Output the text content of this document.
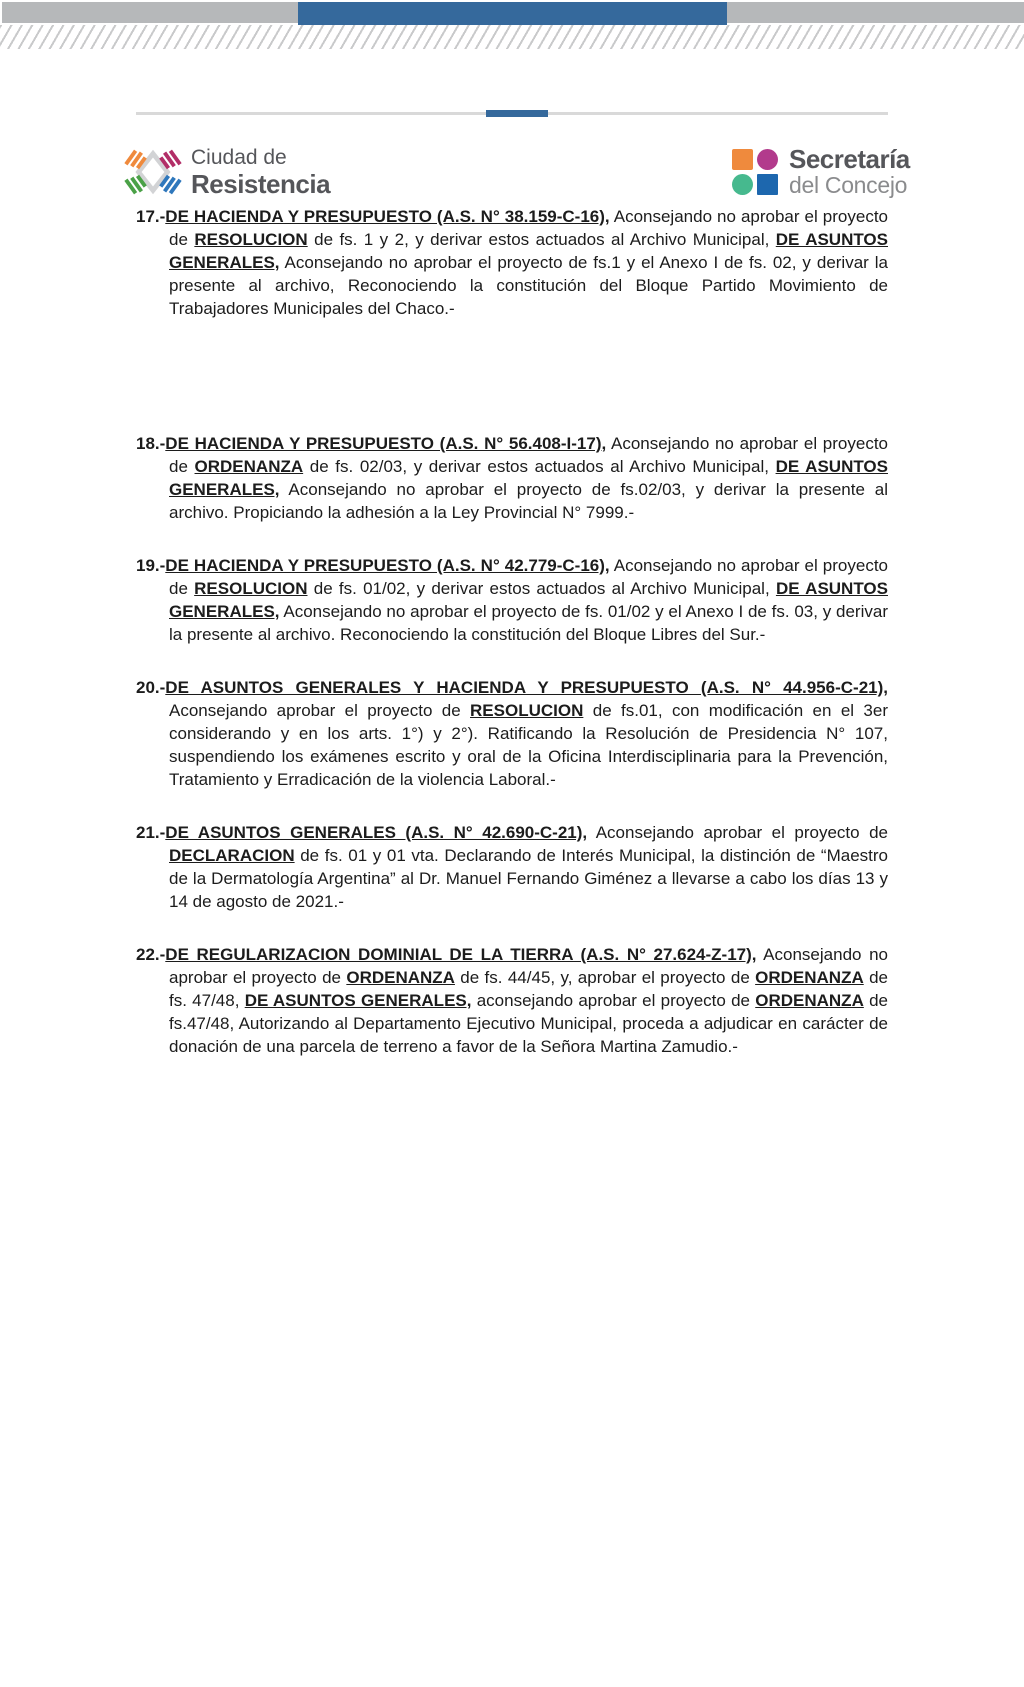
Ciudad de
Resistencia
Secretaría
del Concejo

17.-DE HACIENDA Y PRESUPUESTO (A.S. N° 38.159-C-16), Aconsejando no aprobar el proyecto de RESOLUCION de fs. 1 y 2, y derivar estos actuados al Archivo Municipal, DE ASUNTOS GENERALES, Aconsejando no aprobar el proyecto de fs.1 y el Anexo I de fs. 02, y derivar la presente al archivo, Reconociendo la constitución del Bloque Partido Movimiento de Trabajadores Municipales del Chaco.-

18.-DE HACIENDA Y PRESUPUESTO (A.S. N° 56.408-I-17), Aconsejando no aprobar el proyecto de ORDENANZA de fs. 02/03, y derivar estos actuados al Archivo Municipal, DE ASUNTOS GENERALES, Aconsejando no aprobar el proyecto de fs.02/03, y derivar la presente al archivo. Propiciando la adhesión a la Ley Provincial N° 7999.-

19.-DE HACIENDA Y PRESUPUESTO (A.S. N° 42.779-C-16), Aconsejando no aprobar el proyecto de RESOLUCION de fs. 01/02, y derivar estos actuados al Archivo Municipal, DE ASUNTOS GENERALES, Aconsejando no aprobar el proyecto de fs. 01/02 y el Anexo I de fs. 03, y derivar la presente al archivo. Reconociendo la constitución del Bloque Libres del Sur.-

20.-DE ASUNTOS GENERALES Y HACIENDA Y PRESUPUESTO (A.S. N° 44.956-C-21), Aconsejando aprobar el proyecto de RESOLUCION de fs.01, con modificación en el 3er considerando y en los arts. 1°) y 2°). Ratificando la Resolución de Presidencia N° 107, suspendiendo los exámenes escrito y oral de la Oficina Interdisciplinaria para la Prevención, Tratamiento y Erradicación de la violencia Laboral.-

21.-DE ASUNTOS GENERALES (A.S. N° 42.690-C-21), Aconsejando aprobar el proyecto de DECLARACION de fs. 01 y 01 vta. Declarando de Interés Municipal, la distinción de “Maestro de la Dermatología Argentina” al Dr. Manuel Fernando Giménez a llevarse a cabo los días 13 y 14 de agosto de 2021.-

22.-DE REGULARIZACION DOMINIAL DE LA TIERRA (A.S. N° 27.624-Z-17), Aconsejando no aprobar el proyecto de ORDENANZA de fs. 44/45, y, aprobar el proyecto de ORDENANZA de fs. 47/48, DE ASUNTOS GENERALES, aconsejando aprobar el proyecto de ORDENANZA de fs.47/48, Autorizando al Departamento Ejecutivo Municipal, proceda a adjudicar en carácter de donación de una parcela de terreno a favor de la Señora Martina Zamudio.-
